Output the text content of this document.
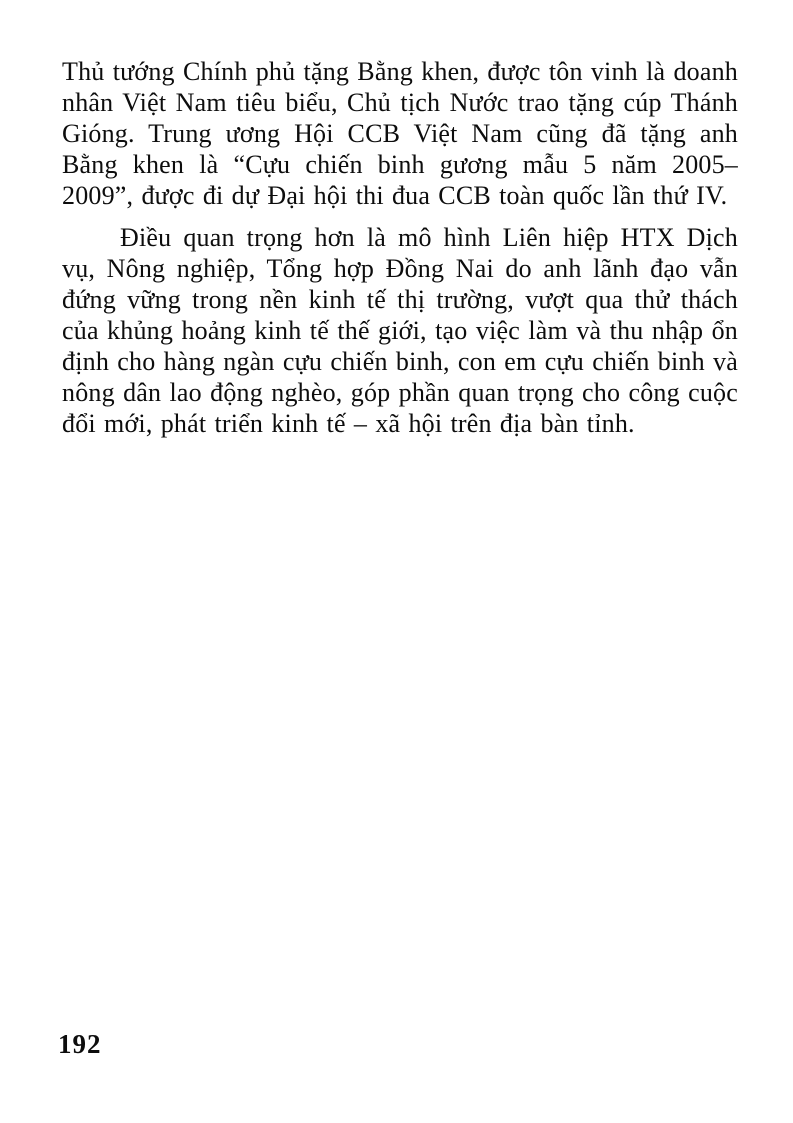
Thủ tướng Chính phủ tặng Bằng khen, được tôn vinh là doanh nhân Việt Nam tiêu biểu, Chủ tịch Nước trao tặng cúp Thánh Gióng. Trung ương Hội CCB Việt Nam cũng đã tặng anh Bằng khen là “Cựu chiến binh gương mẫu 5 năm 2005–2009”, được đi dự Đại hội thi đua CCB toàn quốc lần thứ IV.

Điều quan trọng hơn là mô hình Liên hiệp HTX Dịch vụ, Nông nghiệp, Tổng hợp Đồng Nai do anh lãnh đạo vẫn đứng vững trong nền kinh tế thị trường, vượt qua thử thách của khủng hoảng kinh tế thế giới, tạo việc làm và thu nhập ổn định cho hàng ngàn cựu chiến binh, con em cựu chiến binh và nông dân lao động nghèo, góp phần quan trọng cho công cuộc đổi mới, phát triển kinh tế – xã hội trên địa bàn tỉnh.

192
